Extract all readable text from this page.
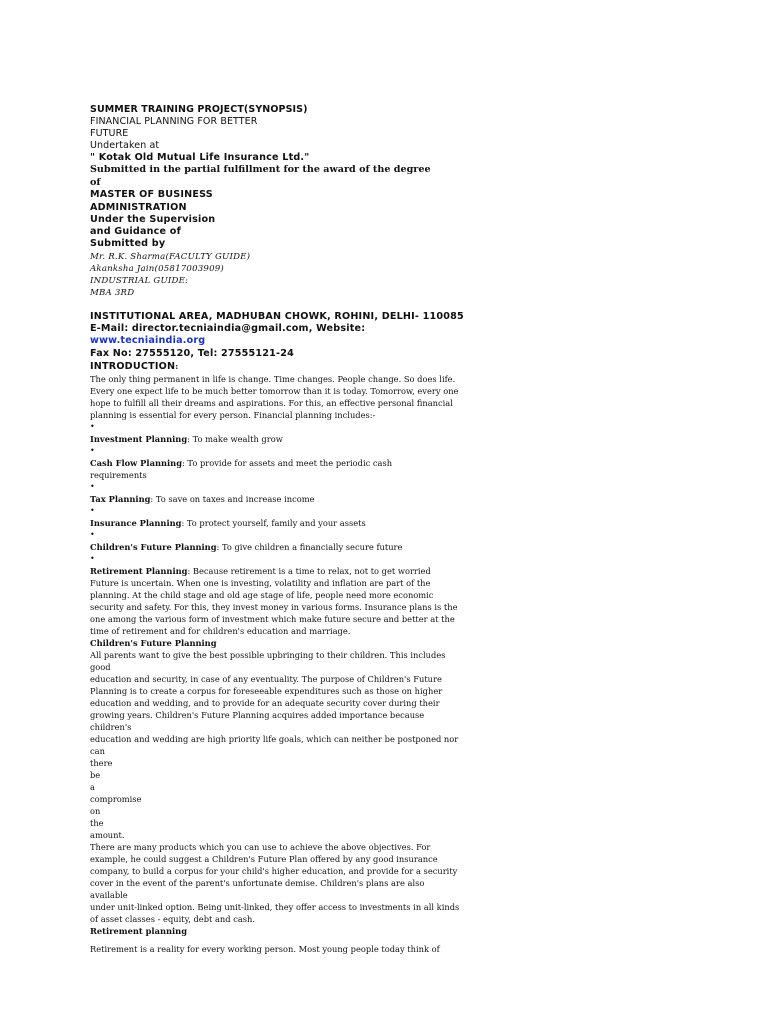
SUMMER TRAINING PROJECT(SYNOPSIS)
FINANCIAL PLANNING FOR BETTER
FUTURE
Undertaken at
" Kotak Old Mutual Life Insurance Ltd."
Submitted in the partial fulfillment for the award of the degree
of
MASTER OF BUSINESS
ADMINISTRATION
Under the Supervision
and Guidance of
Submitted by
Mr. R.K. Sharma(FACULTY GUIDE)
Akanksha Jain(05817003909)
INDUSTRIAL GUIDE:
MBA 3RD
INSTITUTIONAL AREA, MADHUBAN CHOWK, ROHINI, DELHI- 110085
E-Mail: director.tecniaindia@gmail.com, Website:
www.tecniaindia.org
Fax No: 27555120, Tel: 27555121-24
INTRODUCTION:
The only thing permanent in life is change. Time changes. People change. So does life.
Every one expect life to be much better tomorrow than it is today. Tomorrow, every one
hope to fulfill all their dreams and aspirations. For this, an effective personal financial
planning is essential for every person. Financial planning includes:-
•
Investment Planning: To make wealth grow
•
Cash Flow Planning: To provide for assets and meet the periodic cash
requirements
•
Tax Planning: To save on taxes and increase income
•
Insurance Planning: To protect yourself, family and your assets
•
Children's Future Planning: To give children a financially secure future
•
Retirement Planning: Because retirement is a time to relax, not to get worried
Future is uncertain. When one is investing, volatility and inflation are part of the
planning. At the child stage and old age stage of life, people need more economic
security and safety. For this, they invest money in various forms. Insurance plans is the
one among the various form of investment which make future secure and better at the
time of retirement and for children's education and marriage.
Children's Future Planning
All parents want to give the best possible upbringing to their children. This includes good
education and security, in case of any eventuality. The purpose of Children's Future
Planning is to create a corpus for foreseeable expenditures such as those on higher
education and wedding, and to provide for an adequate security cover during their
growing years. Children's Future Planning acquires added importance because children's
education and wedding are high priority life goals, which can neither be postponed nor
can
there
be
a
compromise
on
the
amount.
There are many products which you can use to achieve the above objectives. For
example, he could suggest a Children's Future Plan offered by any good insurance
company, to build a corpus for your child's higher education, and provide for a security
cover in the event of the parent's unfortunate demise. Children's plans are also available
under unit-linked option. Being unit-linked, they offer access to investments in all kinds
of asset classes - equity, debt and cash.
Retirement planning
Retirement is a reality for every working person. Most young people today think of
